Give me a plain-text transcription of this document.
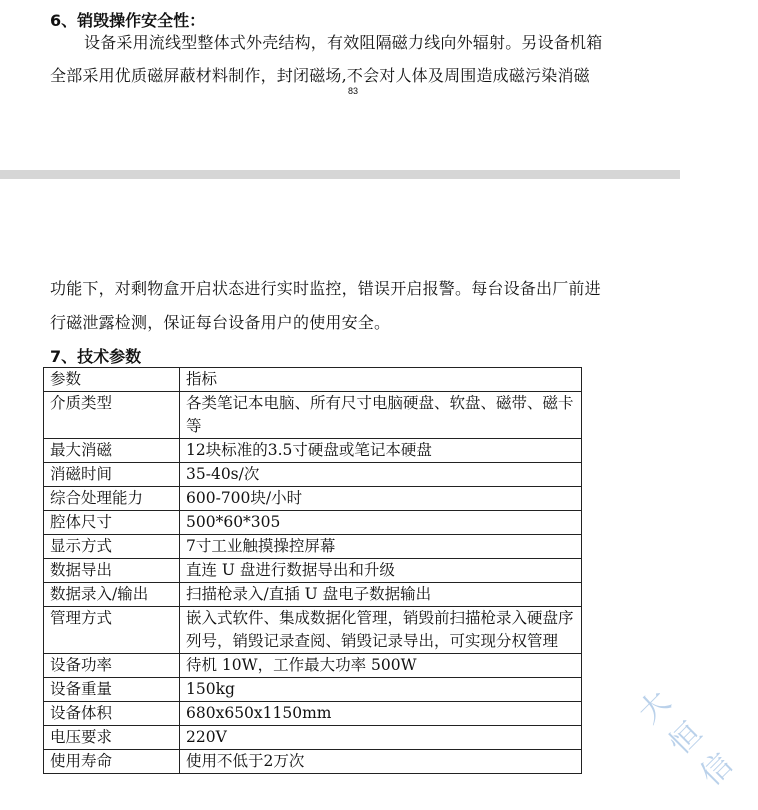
6、销毁操作安全性：
设备采用流线型整体式外壳结构，有效阻隔磁力线向外辐射。另设备机箱
全部采用优质磁屏蔽材料制作，封闭磁场,不会对人体及周围造成磁污染消磁
83
功能下，对剩物盒开启状态进行实时监控，错误开启报警。每台设备出厂前进
行磁泄露检测，保证每台设备用户的使用安全。
7、技术参数
参数	指标
介质类型	各类笔记本电脑、所有尺寸电脑硬盘、软盘、磁带、磁卡等
最大消磁	12块标准的3.5寸硬盘或笔记本硬盘
消磁时间	35-40s/次
综合处理能力	600-700块/小时
腔体尺寸	500*60*305
显示方式	7寸工业触摸操控屏幕
数据导出	直连 U 盘进行数据导出和升级
数据录入/输出	扫描枪录入/直插 U 盘电子数据输出
管理方式	嵌入式软件、集成数据化管理，销毁前扫描枪录入硬盘序列号，销毁记录查阅、销毁记录导出，可实现分权管理
设备功率	待机 10W，工作最大功率 500W
设备重量	150kg
设备体积	680x650x1150mm
电压要求	220V
使用寿命	使用不低于2万次
大恒信
